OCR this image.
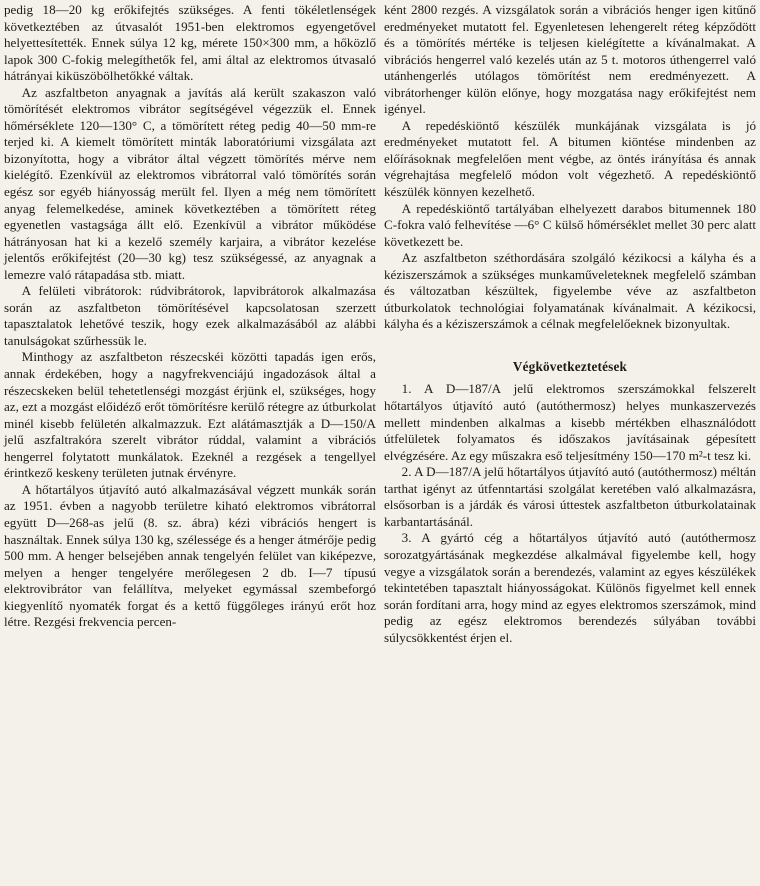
pedig 18—20 kg erőkifejtés szükséges. A fenti tökéletlenségek következtében az útvasalót 1951-ben elektromos egyengetővel helyettesítették. Ennek súlya 12 kg, mérete 150×300 mm, a hőközlő lapok 300 C-fokig melegíthetők fel, ami által az elektromos útvasaló hátrányai kiküszöbölhetőkké váltak.

Az aszfaltbeton anyagnak a javítás alá került szakaszon való tömörítését elektromos vibrátor segítségével végezzük el. Ennek hőmérséklete 120—130° C, a tömörített réteg pedig 40—50 mm-re terjed ki. A kiemelt tömörített minták laboratóriumi vizsgálata azt bizonyította, hogy a vibrátor által végzett tömörítés mérve nem kielégítő. Ezenkívül az elektromos vibrátorral való tömörítés során egész sor egyéb hiányosság merült fel. Ilyen a még nem tömörített anyag felemelkedése, aminek következtében a tömörített réteg egyenetlen vastagsága állt elő. Ezenkívül a vibrátor működése hátrányosan hat ki a kezelő személy karjaira, a vibrátor kezelése jelentős erőkifejtést (20—30 kg) tesz szükségessé, az anyagnak a lemezre való rátapadása stb. miatt.

A felületi vibrátorok: rúdvibrátorok, lapvibrátorok alkalmazása során az aszfaltbeton tömörítésével kapcsolatosan szerzett tapasztalatok lehetővé teszik, hogy ezek alkalmazásából az alábbi tanulságokat szűrhessük le.

Minthogy az aszfaltbeton részecskéi közötti tapadás igen erős, annak érdekében, hogy a nagyfrekvenciájú ingadozások által a részecskeken belül tehetetlenségi mozgást érjünk el, szükséges, hogy az, ezt a mozgást előidéző erőt tömörítésre kerülő rétegre az útburkolat minél kisebb felületén alkalmazzuk. Ezt alátámasztják a D—150/A jelű aszfaltrakóra szerelt vibrátor rúddal, valamint a vibrációs hengerrel folytatott munkálatok. Ezeknél a rezgések a tengellyel érintkező keskeny területen jutnak érvényre.

A hőtartályos útjavító autó alkalmazásával végzett munkák során az 1951. évben a nagyobb területre kiható elektromos vibrátorral együtt D—268-as jelű (8. sz. ábra) kézi vibrációs hengert is használtak. Ennek súlya 130 kg, szélessége és a henger átmérője pedig 500 mm. A henger belsejében annak tengelyén felület van kiképezve, melyen a henger tengelyére merőlegesen 2 db. I—7 típusú elektrovibrátor van felállítva, melyeket egymással szembeforgó kiegyenlítő nyomaték forgat és a kettő függőleges irányú erőt hoz létre. Rezgési frekvencia percen-

ként 2800 rezgés. A vizsgálatok során a vibrációs henger igen kitűnő eredményeket mutatott fel. Egyenletesen lehengerelt réteg képződött és a tömörítés mértéke is teljesen kielégítette a kívánalmakat. A vibrációs hengerrel való kezelés után az 5 t. motoros úthengerrel való utánhengerlés utólagos tömörítést nem eredményezett. A vibrátorhenger külön előnye, hogy mozgatása nagy erőkifejtést nem igényel.

A repedéskiöntő készülék munkájának vizsgálata is jó eredményeket mutatott fel. A bitumen kiöntése mindenben az előírásoknak megfelelően ment végbe, az öntés irányítása és annak végrehajtása megfelelő módon volt végezhető. A repedéskiöntő készülék könnyen kezelhető.

A repedéskiöntő tartályában elhelyezett darabos bitumennek 180 C-fokra való felhevítése —6° C külső hőmérséklet mellet 30 perc alatt következett be.

Az aszfaltbeton széthordására szolgáló kézikocsi a kályha és a kéziszerszámok a szükséges munkaműveleteknek megfelelő számban és változatban készültek, figyelembe véve az aszfaltbeton útburkolatok technológiai folyamatának kívánalmait. A kézikocsi, kályha és a kéziszerszámok a célnak megfelelőeknek bizonyultak.

Végkövetkeztetések

1. A D—187/A jelű elektromos szerszámokkal felszerelt hőtartályos útjavító autó (autóthermosz) helyes munkaszervezés mellett mindenben alkalmas a kisebb mértékben elhasználódott útfelületek folyamatos és időszakos javításainak gépesített elvégzésére. Az egy műszakra eső teljesítmény 150—170 m²-t tesz ki.

2. A D—187/A jelű hőtartályos útjavító autó (autóthermosz) méltán tarthat igényt az útfenntartási szolgálat keretében való alkalmazásra, elsősorban is a járdák és városi úttestek aszfaltbeton útburkolatainak karbantartásánál.

3. A gyártó cég a hőtartályos útjavító autó (autóthermosz sorozatgyártásának megkezdése alkalmával figyelembe kell, hogy vegye a vizsgálatok során a berendezés, valamint az egyes készülékek tekintetében tapasztalt hiányosságokat. Különös figyelmet kell ennek során fordítani arra, hogy mind az egyes elektromos szerszámok, mind pedig az egész elektromos berendezés súlyában további súlycsökkentést érjen el.
